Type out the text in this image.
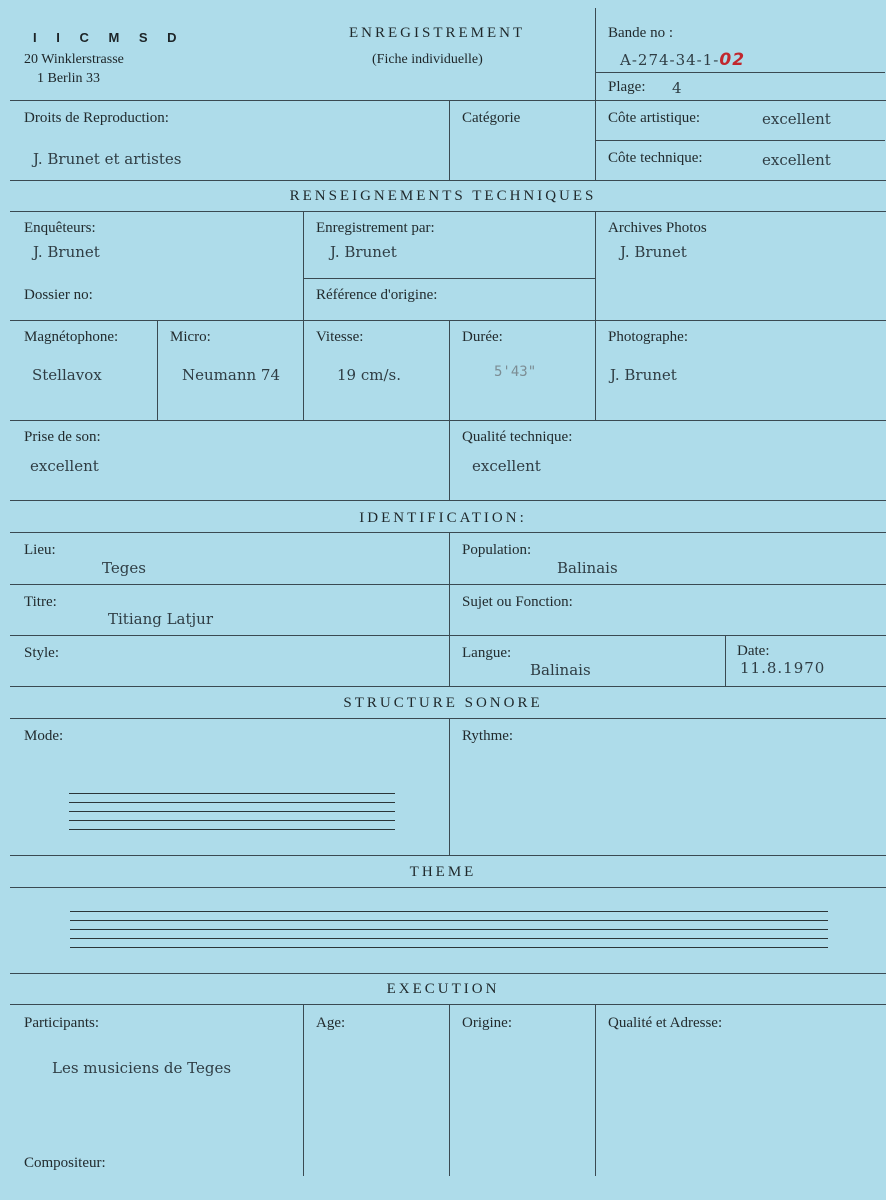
I I C M S D
20 Winklerstrasse
1 Berlin 33
ENREGISTREMENT
(Fiche individuelle)
Bande no :
A-274-34-1-02
Plage: 4
Droits de Reproduction:
J. Brunet et artistes
Catégorie	Côte artistique:	excellent
Côte technique:	excellent
RENSEIGNEMENTS TECHNIQUES
Enquêteurs:
J. Brunet
Enregistrement par:
J. Brunet
Archives Photos
J. Brunet
Dossier no:	Référence d'origine:
Magnétophone:
Stellavox
Micro:
Neumann 74
Vitesse:
19 cm/s.
Durée:
5'43"
Photographe:
J. Brunet
Prise de son:
excellent
Qualité technique:
excellent
IDENTIFICATION:
Lieu:
Teges
Population:
Balinais
Titre:
Titiang Latjur
Sujet ou Fonction:
Style:	Langue:
Balinais
Date:
11.8.1970
STRUCTURE SONORE
Mode:	Rythme:
THEME
EXECUTION
Participants:
Les musiciens de Teges
Age:	Origine:	Qualité et Adresse:
Compositeur:
